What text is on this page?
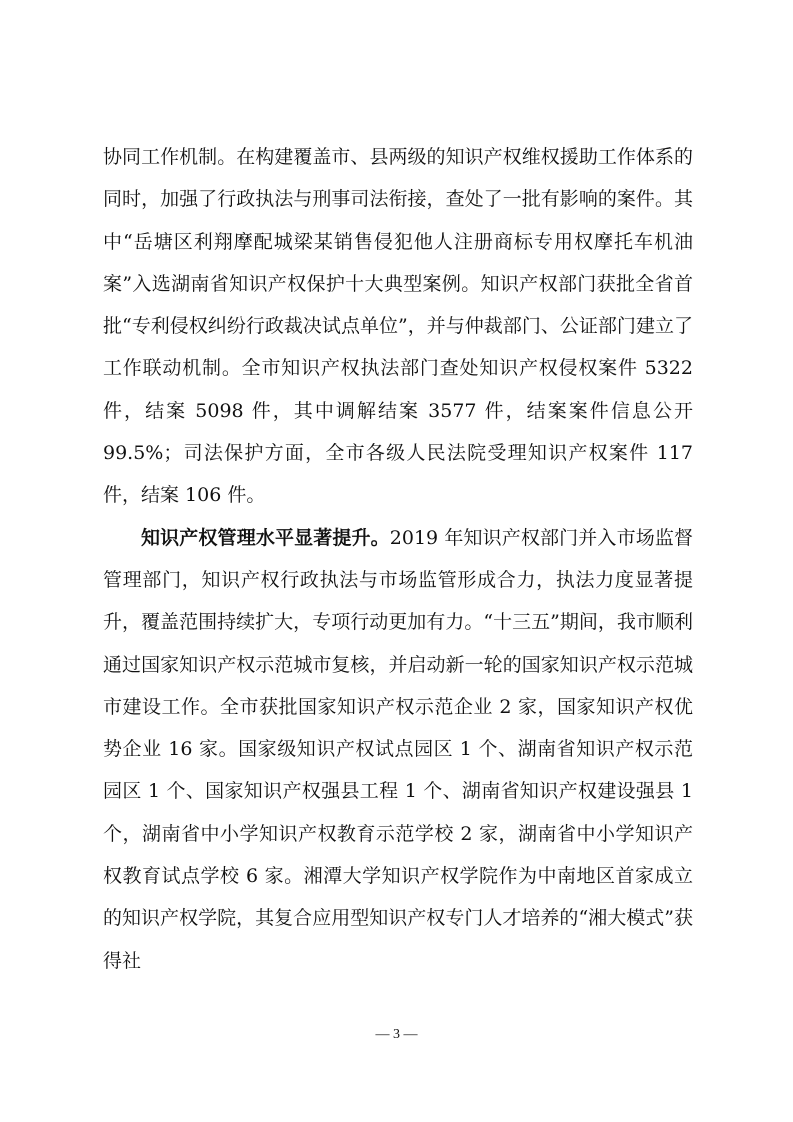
协同工作机制。在构建覆盖市、县两级的知识产权维权援助工作体系的同时，加强了行政执法与刑事司法衔接，查处了一批有影响的案件。其中“岳塘区利翔摩配城梁某销售侵犯他人注册商标专用权摩托车机油案”入选湖南省知识产权保护十大典型案例。知识产权部门获批全省首批“专利侵权纠纷行政裁决试点单位”，并与仲裁部门、公证部门建立了工作联动机制。全市知识产权执法部门查处知识产权侵权案件 5322 件，结案 5098 件，其中调解结案 3577 件，结案案件信息公开 99.5%；司法保护方面，全市各级人民法院受理知识产权案件 117 件，结案 106 件。

知识产权管理水平显著提升。2019 年知识产权部门并入市场监督管理部门，知识产权行政执法与市场监管形成合力，执法力度显著提升，覆盖范围持续扩大，专项行动更加有力。“十三五”期间，我市顺利通过国家知识产权示范城市复核，并启动新一轮的国家知识产权示范城市建设工作。全市获批国家知识产权示范企业 2 家，国家知识产权优势企业 16 家。国家级知识产权试点园区 1 个、湖南省知识产权示范园区 1 个、国家知识产权强县工程 1 个、湖南省知识产权建设强县 1 个，湖南省中小学知识产权教育示范学校 2 家，湖南省中小学知识产权教育试点学校 6 家。湘潭大学知识产权学院作为中南地区首家成立的知识产权学院，其复合应用型知识产权专门人才培养的“湘大模式”获得社

— 3 —
